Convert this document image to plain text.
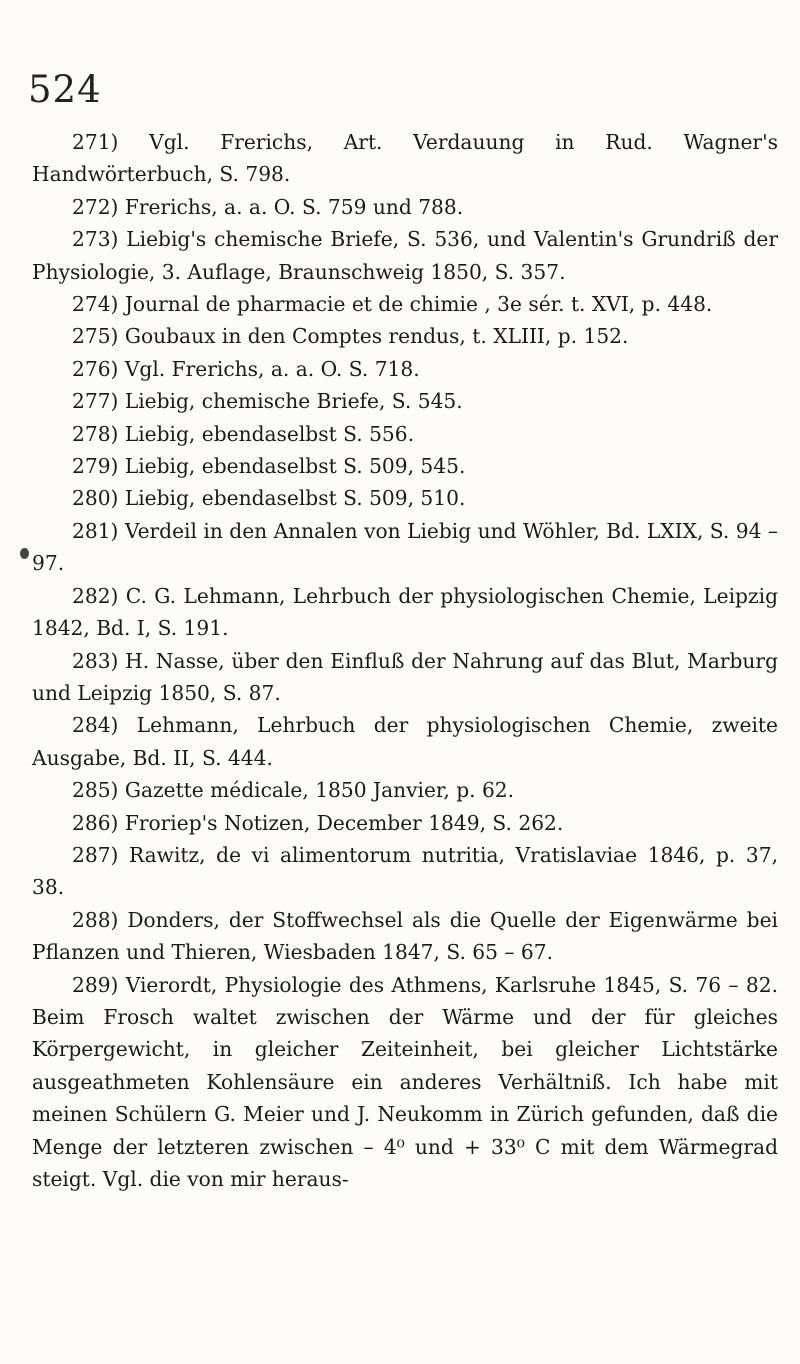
524

271) Vgl. Frerichs, Art. Verdauung in Rud. Wagner's Handwörterbuch, S. 798.

272) Frerichs, a. a. O. S. 759 und 788.

273) Liebig's chemische Briefe, S. 536, und Valentin's Grundriß der Physiologie, 3. Auflage, Braunschweig 1850, S. 357.

274) Journal de pharmacie et de chimie , 3e sér. t. XVI, p. 448.

275) Goubaux in den Comptes rendus, t. XLIII, p. 152.

276) Vgl. Frerichs, a. a. O. S. 718.

277) Liebig, chemische Briefe, S. 545.

278) Liebig, ebendaselbst S. 556.

279) Liebig, ebendaselbst S. 509, 545.

280) Liebig, ebendaselbst S. 509, 510.

281) Verdeil in den Annalen von Liebig und Wöhler, Bd. LXIX, S. 94 – 97.

282) C. G. Lehmann, Lehrbuch der physiologischen Chemie, Leipzig 1842, Bd. I, S. 191.

283) H. Nasse, über den Einfluß der Nahrung auf das Blut, Marburg und Leipzig 1850, S. 87.

284) Lehmann, Lehrbuch der physiologischen Chemie, zweite Ausgabe, Bd. II, S. 444.

285) Gazette médicale, 1850 Janvier, p. 62.

286) Froriep's Notizen, December 1849, S. 262.

287) Rawitz, de vi alimentorum nutritia, Vratislaviae 1846, p. 37, 38.

288) Donders, der Stoffwechsel als die Quelle der Eigenwärme bei Pflanzen und Thieren, Wiesbaden 1847, S. 65 – 67.

289) Vierordt, Physiologie des Athmens, Karlsruhe 1845, S. 76 – 82. Beim Frosch waltet zwischen der Wärme und der für gleiches Körpergewicht, in gleicher Zeiteinheit, bei gleicher Lichtstärke ausgeathmeten Kohlensäure ein anderes Verhältniß. Ich habe mit meinen Schülern G. Meier und J. Neukomm in Zürich gefunden, daß die Menge der letzteren zwischen – 4⁰ und + 33⁰ C mit dem Wärmegrad steigt. Vgl. die von mir heraus-
